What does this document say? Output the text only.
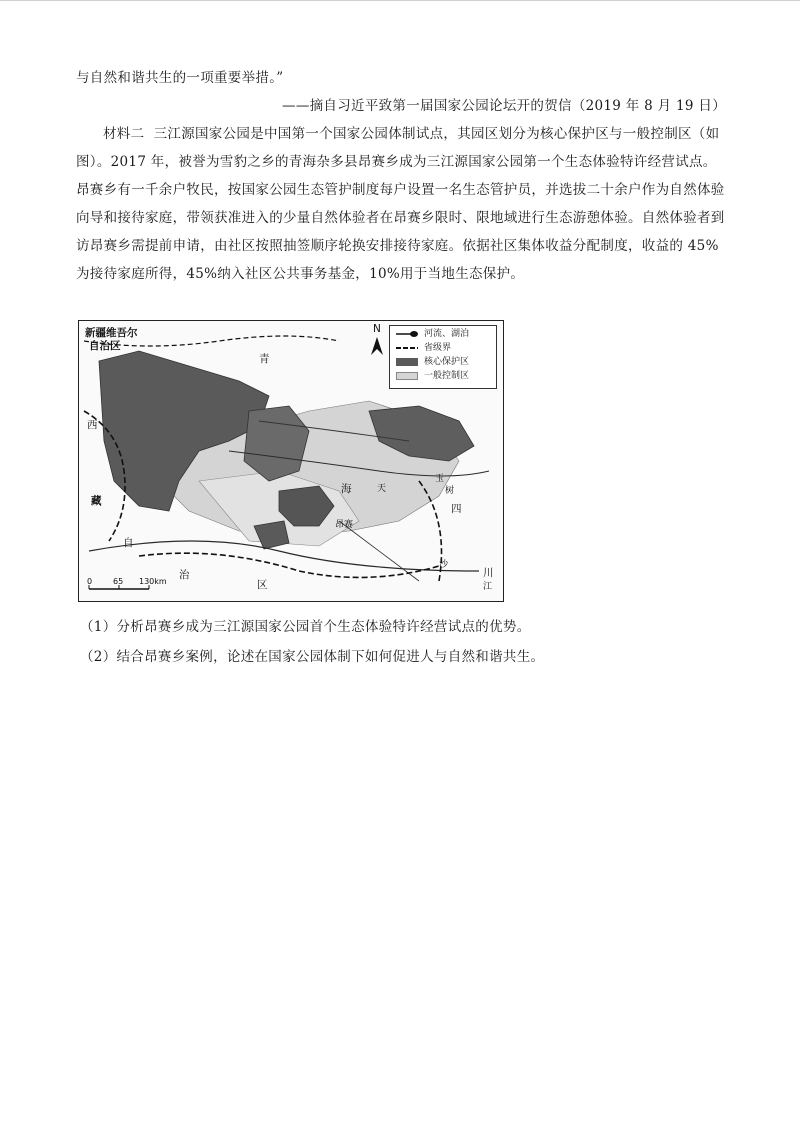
与自然和谐共生的一项重要举措。”

——摘自习近平致第一届国家公园论坛开的贺信（2019 年 8 月 19 日）

材料二 三江源国家公园是中国第一个国家公园体制试点，其园区划分为核心保护区与一般控制区（如图）。2017 年，被誉为雪豹之乡的青海杂多县昂赛乡成为三江源国家公园第一个生态体验特许经营试点。昂赛乡有一千余户牧民，按国家公园生态管护制度每户设置一名生态管护员，并选拔二十余户作为自然体验向导和接待家庭，带领获准进入的少量自然体验者在昂赛乡限时、限地域进行生态游憩体验。自然体验者到访昂赛乡需提前申请，由社区按照抽签顺序轮换安排接待家庭。依据社区集体收益分配制度，收益的 45%为接待家庭所得，45%纳入社区公共事务基金，10%用于当地生态保护。

N	河流、湖泊
省级界
核心保护区
一般控制区
新疆维吾尔
自治区
青
西
藏
自
治
区
海
四
川
昂赛
江
沙
天
玉
树
0	65 130km

（1）分析昂赛乡成为三江源国家公园首个生态体验特许经营试点的优势。

（2）结合昂赛乡案例，论述在国家公园体制下如何促进人与自然和谐共生。
